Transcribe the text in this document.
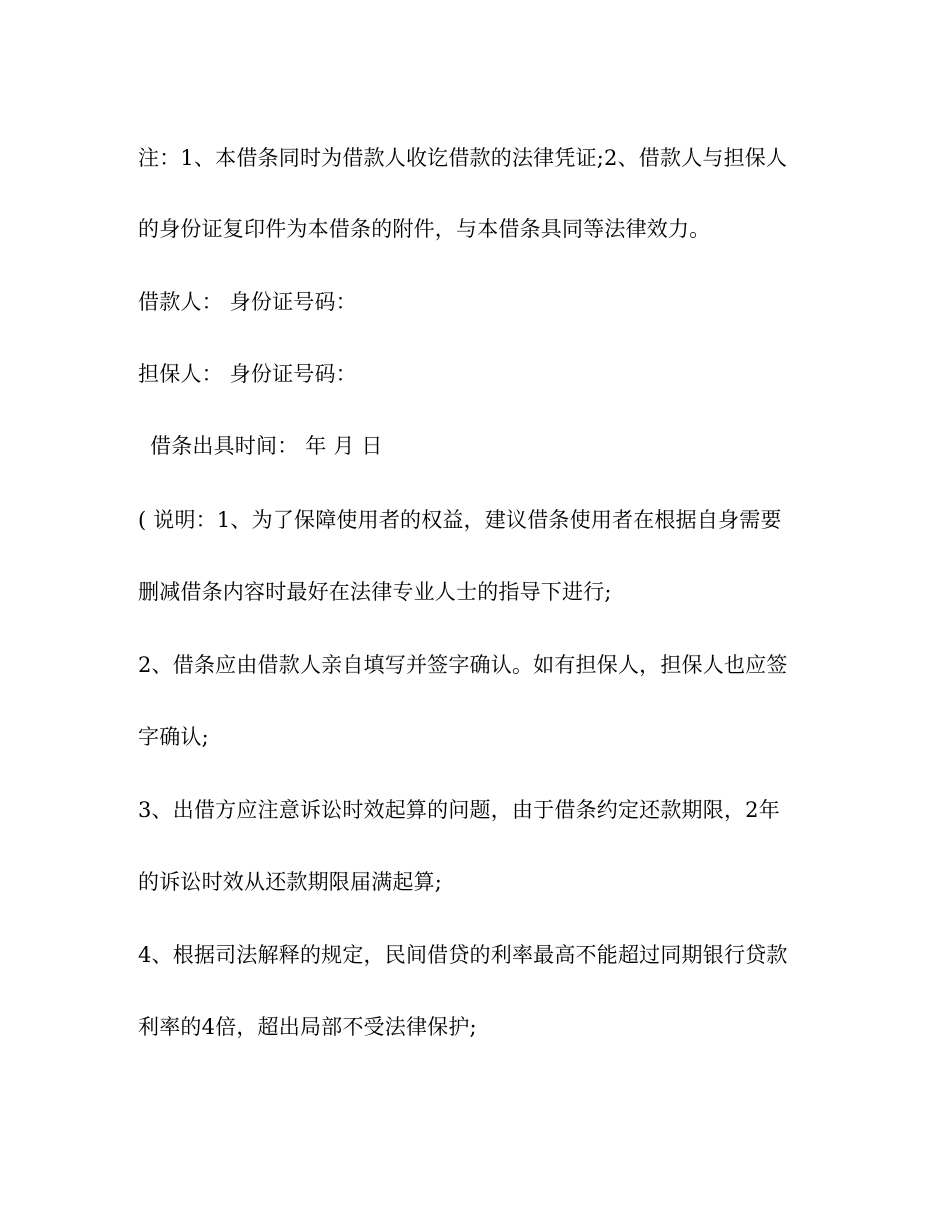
注：1、本借条同时为借款人收讫借款的法律凭证;2、借款人与担保人
的身份证复印件为本借条的附件，与本借条具同等法律效力。
借款人： 身份证号码：
担保人： 身份证号码：
借条出具时间： 年 月 日
( 说明：1、为了保障使用者的权益，建议借条使用者在根据自身需要
删减借条内容时最好在法律专业人士的指导下进行;
2、借条应由借款人亲自填写并签字确认。如有担保人，担保人也应签
字确认;
3、出借方应注意诉讼时效起算的问题，由于借条约定还款期限，2年
的诉讼时效从还款期限届满起算;
4、根据司法解释的规定，民间借贷的利率最高不能超过同期银行贷款
利率的4倍，超出局部不受法律保护;
